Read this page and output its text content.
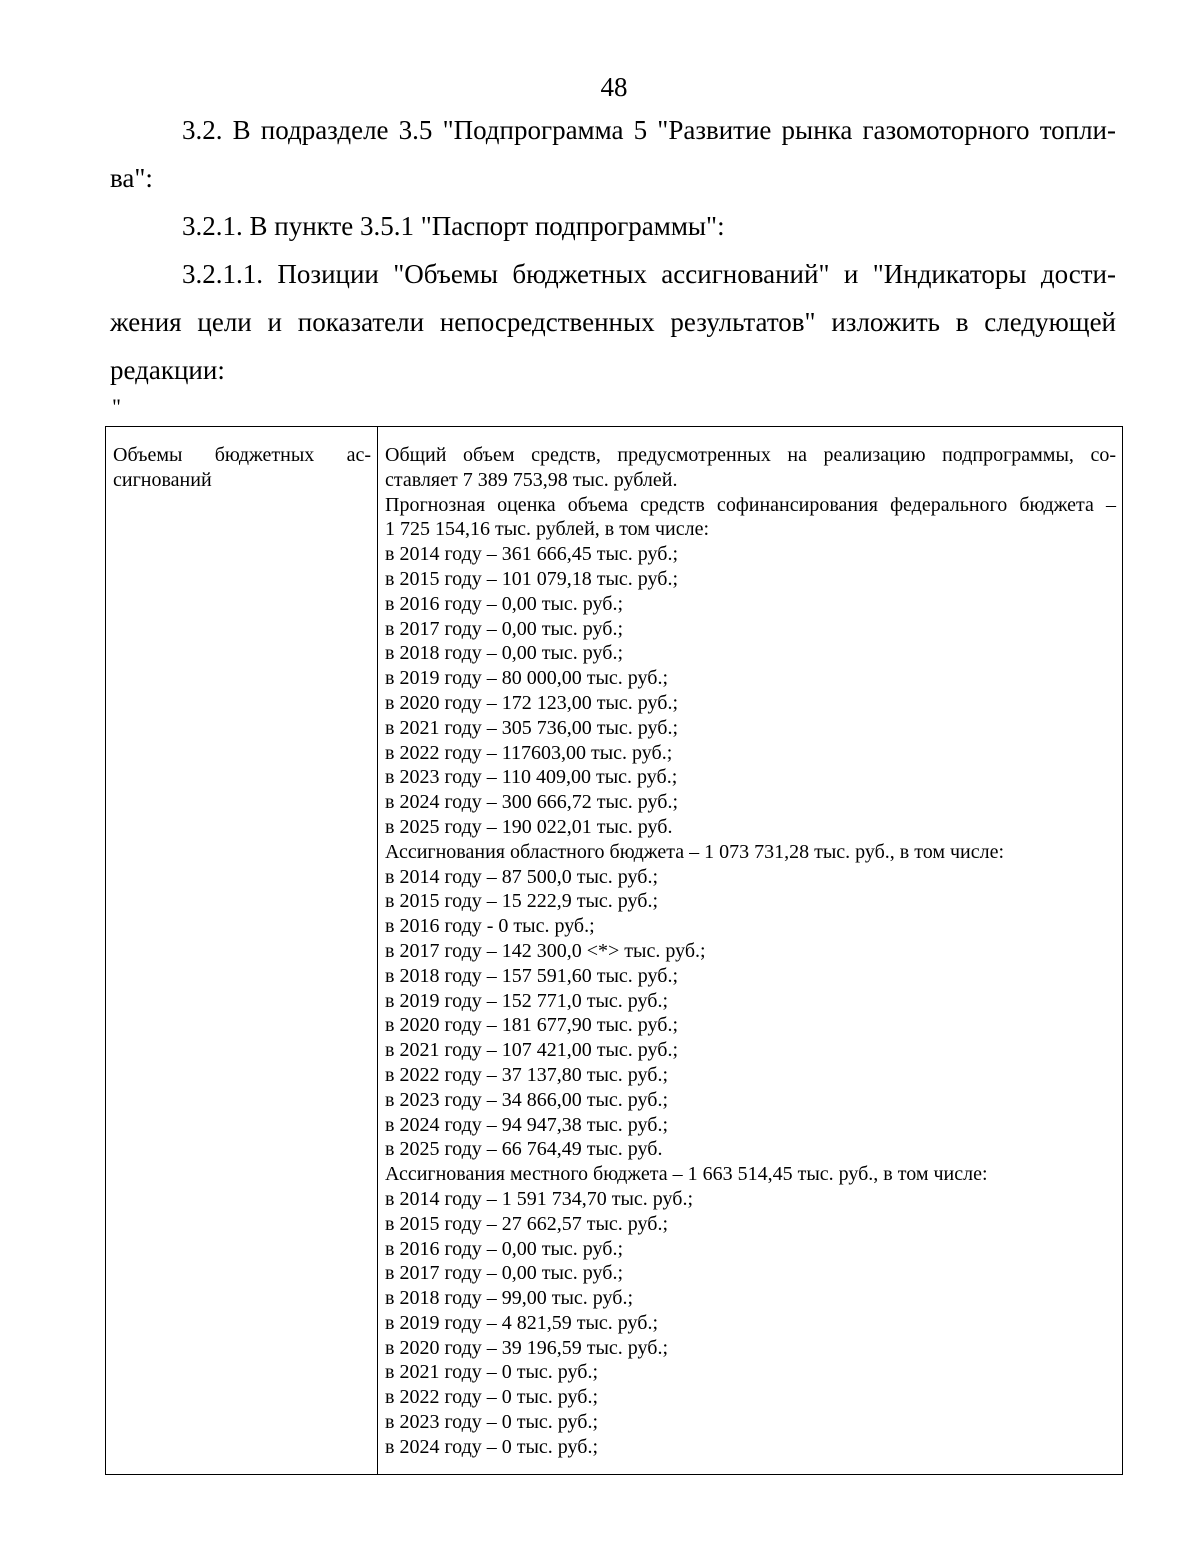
48
3.2. В подразделе 3.5 "Подпрограмма 5 "Развитие рынка газомоторного топли-
ва":
3.2.1. В пункте 3.5.1 "Паспорт подпрограммы":
3.2.1.1. Позиции "Объемы бюджетных ассигнований" и "Индикаторы дости-
жения цели и показатели непосредственных результатов" изложить в следующей
редакции:
"
Объемы бюджетных ас-
сигнований

Общий объем средств, предусмотренных на реализацию подпрограммы, со-
ставляет 7 389 753,98 тыс. рублей.
Прогнозная оценка объема средств софинансирования федерального бюджета –
1 725 154,16 тыс. рублей, в том числе:
в 2014 году – 361 666,45 тыс. руб.;
в 2015 году – 101 079,18 тыс. руб.;
в 2016 году – 0,00 тыс. руб.;
в 2017 году – 0,00 тыс. руб.;
в 2018 году – 0,00 тыс. руб.;
в 2019 году – 80 000,00 тыс. руб.;
в 2020 году – 172 123,00 тыс. руб.;
в 2021 году – 305 736,00 тыс. руб.;
в 2022 году – 117603,00 тыс. руб.;
в 2023 году – 110 409,00 тыс. руб.;
в 2024 году – 300 666,72 тыс. руб.;
в 2025 году – 190 022,01 тыс. руб.
Ассигнования областного бюджета – 1 073 731,28 тыс. руб., в том числе:
в 2014 году – 87 500,0 тыс. руб.;
в 2015 году – 15 222,9 тыс. руб.;
в 2016 году - 0 тыс. руб.;
в 2017 году – 142 300,0 <*> тыс. руб.;
в 2018 году – 157 591,60 тыс. руб.;
в 2019 году – 152 771,0 тыс. руб.;
в 2020 году – 181 677,90 тыс. руб.;
в 2021 году – 107 421,00 тыс. руб.;
в 2022 году – 37 137,80 тыс. руб.;
в 2023 году – 34 866,00 тыс. руб.;
в 2024 году – 94 947,38 тыс. руб.;
в 2025 году – 66 764,49 тыс. руб.
Ассигнования местного бюджета – 1 663 514,45 тыс. руб., в том числе:
в 2014 году – 1 591 734,70 тыс. руб.;
в 2015 году – 27 662,57 тыс. руб.;
в 2016 году – 0,00 тыс. руб.;
в 2017 году – 0,00 тыс. руб.;
в 2018 году – 99,00 тыс. руб.;
в 2019 году – 4 821,59 тыс. руб.;
в 2020 году – 39 196,59 тыс. руб.;
в 2021 году – 0 тыс. руб.;
в 2022 году – 0 тыс. руб.;
в 2023 году – 0 тыс. руб.;
в 2024 году – 0 тыс. руб.;
